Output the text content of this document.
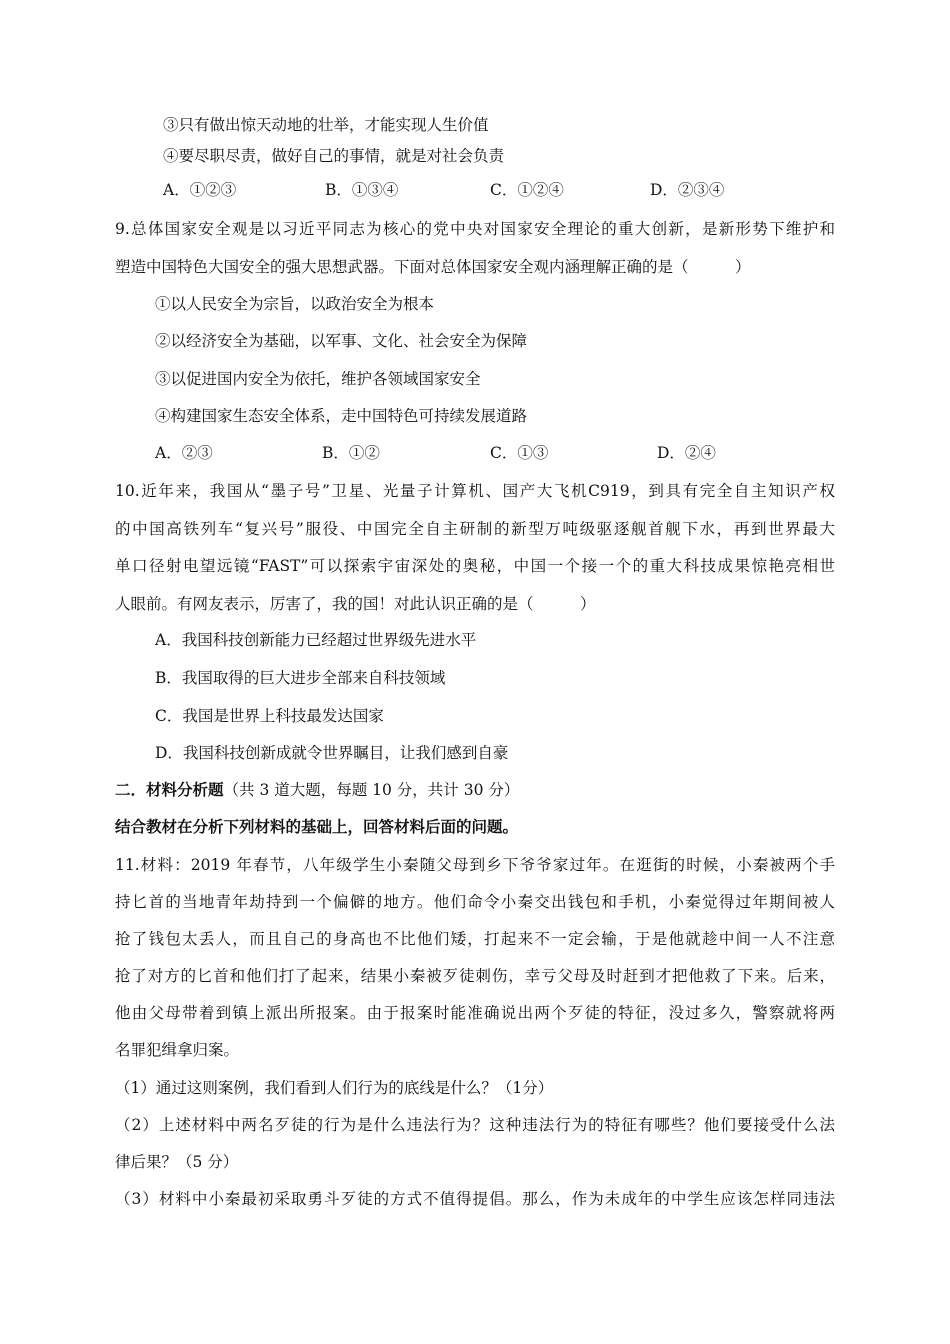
③只有做出惊天动地的壮举，才能实现人生价值
④要尽职尽责，做好自己的事情，就是对社会负责
A．①②③	B．①③④	C．①②④	D．②③④
9.总体国家安全观是以习近平同志为核心的党中央对国家安全理论的重大创新，是新形势下维护和
塑造中国特色大国安全的强大思想武器。下面对总体国家安全观内涵理解正确的是（　　　）
①以人民安全为宗旨，以政治安全为根本
②以经济安全为基础，以军事、文化、社会安全为保障
③以促进国内安全为依托，维护各领域国家安全
④构建国家生态安全体系，走中国特色可持续发展道路
A．②③	B．①②	C．①③	D．②④
10.近年来，我国从“墨子号”卫星、光量子计算机、国产大飞机C919，到具有完全自主知识产权
的中国高铁列车“复兴号”服役、中国完全自主研制的新型万吨级驱逐舰首舰下水，再到世界最大
单口径射电望远镜“FAST”可以探索宇宙深处的奥秘，中国一个接一个的重大科技成果惊艳亮相世
人眼前。有网友表示，厉害了，我的国！对此认识正确的是（　　　）
A．我国科技创新能力已经超过世界级先进水平
B．我国取得的巨大进步全部来自科技领域
C．我国是世界上科技最发达国家
D．我国科技创新成就令世界瞩目，让我们感到自豪
二．材料分析题（共 3 道大题，每题 10 分，共计 30 分）
结合教材在分析下列材料的基础上，回答材料后面的问题。
11.材料：2019 年春节，八年级学生小秦随父母到乡下爷爷家过年。在逛街的时候，小秦被两个手
持匕首的当地青年劫持到一个偏僻的地方。他们命令小秦交出钱包和手机，小秦觉得过年期间被人
抢了钱包太丢人，而且自己的身高也不比他们矮，打起来不一定会输，于是他就趁中间一人不注意
抢了对方的匕首和他们打了起来，结果小秦被歹徒刺伤，幸亏父母及时赶到才把他救了下来。后来，
他由父母带着到镇上派出所报案。由于报案时能准确说出两个歹徒的特征，没过多久，警察就将两
名罪犯缉拿归案。
（1）通过这则案例，我们看到人们行为的底线是什么？（1分）
（2）上述材料中两名歹徒的行为是什么违法行为？这种违法行为的特征有哪些？他们要接受什么法
律后果？（5 分）
（3）材料中小秦最初采取勇斗歹徒的方式不值得提倡。那么，作为未成年的中学生应该怎样同违法
